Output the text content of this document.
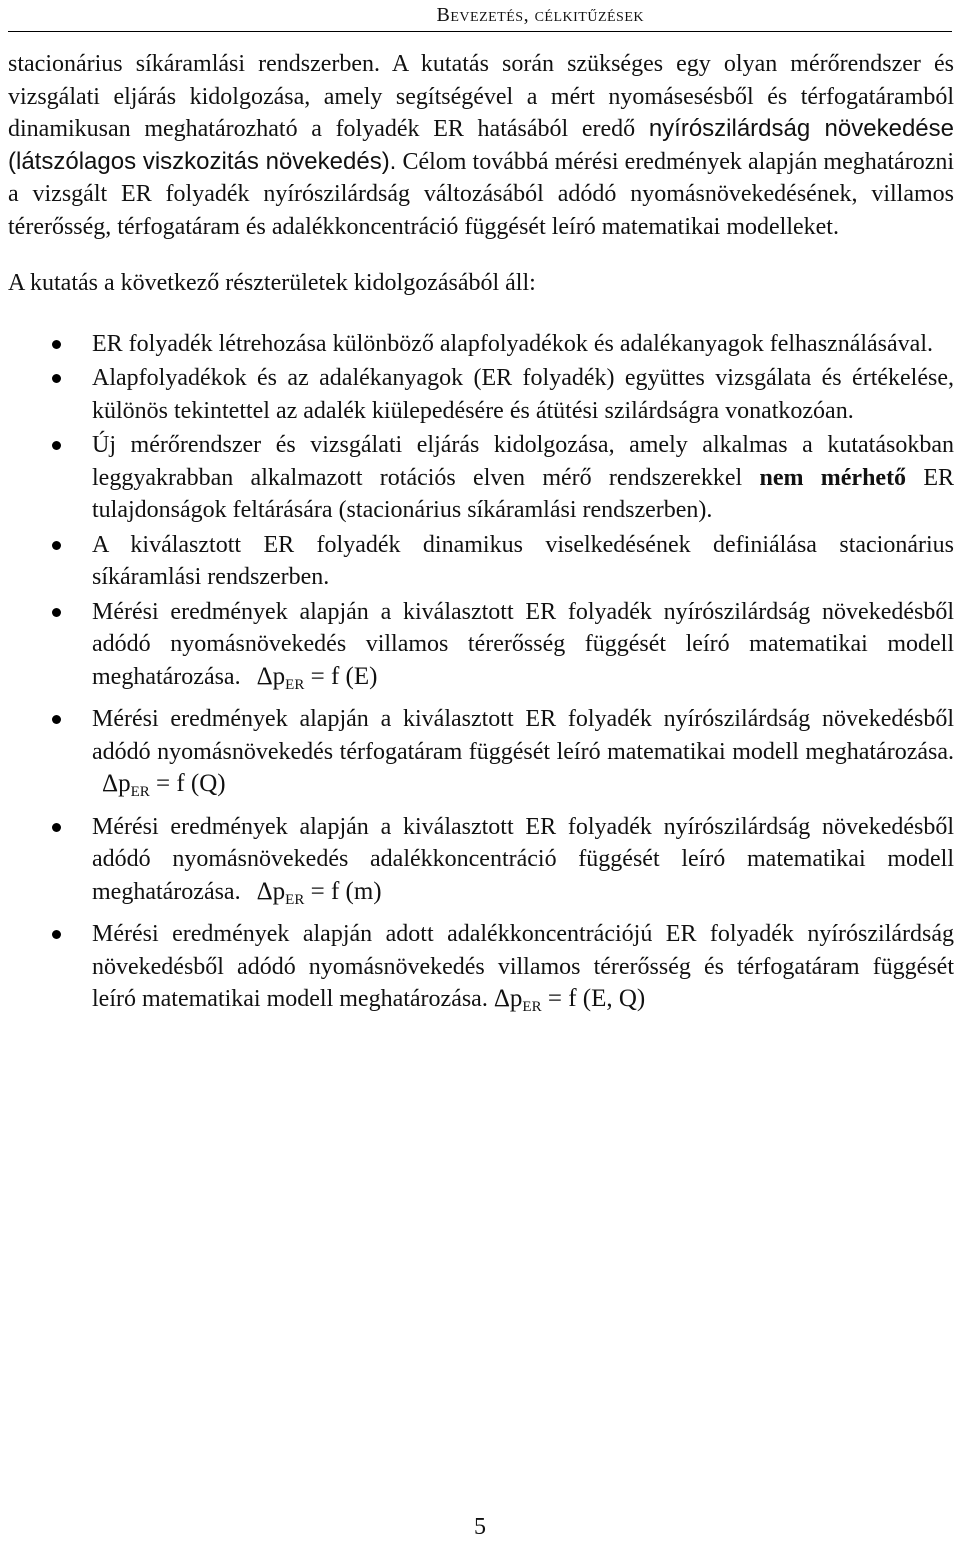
Bevezetés, célkitűzések

stacionárius síkáramlási rendszerben. A kutatás során szükséges egy olyan mérőrendszer és vizsgálati eljárás kidolgozása, amely segítségével a mért nyomásesésből és térfogatáramból dinamikusan meghatározható a folyadék ER hatásából eredő nyírószilárdság növekedése (látszólagos viszkozitás növekedés). Célom továbbá mérési eredmények alapján meghatározni a vizsgált ER folyadék nyírószilárdság változásából adódó nyomásnövekedésének, villamos térerősség, térfogatáram és adalékkoncentráció függését leíró matematikai modelleket.

A kutatás a következő részterületek kidolgozásából áll:

ER folyadék létrehozása különböző alapfolyadékok és adalékanyagok felhasználásával.
Alapfolyadékok és az adalékanyagok (ER folyadék) együttes vizsgálata és értékelése, különös tekintettel az adalék kiülepedésére és átütési szilárdságra vonatkozóan.
Új mérőrendszer és vizsgálati eljárás kidolgozása, amely alkalmas a kutatásokban leggyakrabban alkalmazott rotációs elven mérő rendszerekkel nem mérhető ER tulajdonságok feltárására (stacionárius síkáramlási rendszerben).
A kiválasztott ER folyadék dinamikus viselkedésének definiálása stacionárius síkáramlási rendszerben.
Mérési eredmények alapján a kiválasztott ER folyadék nyírószilárdság növekedésből adódó nyomásnövekedés villamos térerősség függését leíró matematikai modell meghatározása. $\Delta p_{ER} = f$ (E)
Mérési eredmények alapján a kiválasztott ER folyadék nyírószilárdság növekedésből adódó nyomásnövekedés térfogatáram függését leíró matematikai modell meghatározása. $\Delta p_{ER} = f$ (Q)
Mérési eredmények alapján a kiválasztott ER folyadék nyírószilárdság növekedésből adódó nyomásnövekedés adalékkoncentráció függését leíró matematikai modell meghatározása. $\Delta p_{ER} = f$ (m)
Mérési eredmények alapján adott adalékkoncentrációjú ER folyadék nyírószilárdság növekedésből adódó nyomásnövekedés villamos térerősség és térfogatáram függését leíró matematikai modell meghatározása. $\Delta p_{ER} = f$ (E, Q)
5
